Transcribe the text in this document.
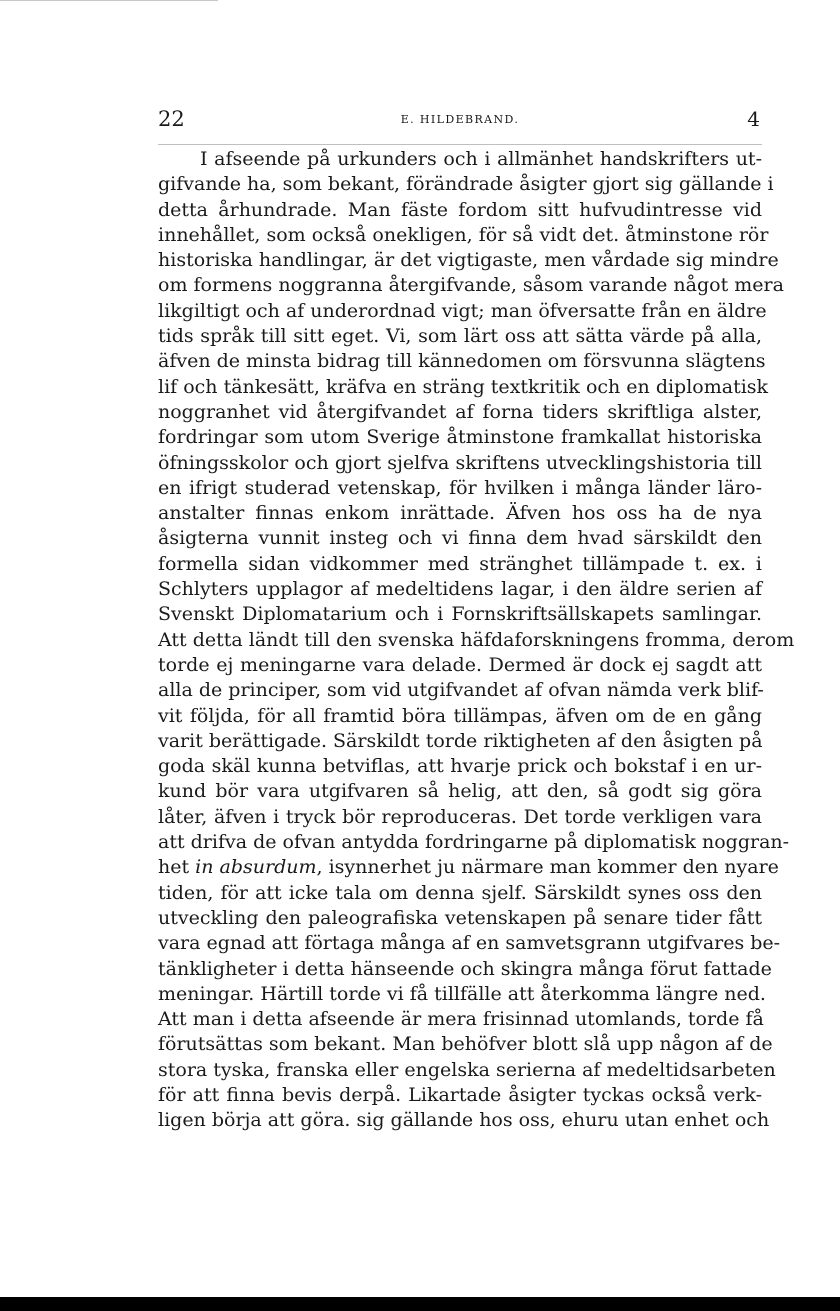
22	E. HILDEBRAND.	4
I afseende på urkunders och i allmänhet handskrifters ut-
gifvande ha, som bekant, förändrade åsigter gjort sig gällande i
detta århundrade. Man fäste fordom sitt hufvudintresse vid
innehållet, som också onekligen, för så vidt det. åtminstone rör
historiska handlingar, är det vigtigaste, men vårdade sig mindre
om formens noggranna återgifvande, såsom varande något mera
likgiltigt och af underordnad vigt; man öfversatte från en äldre
tids språk till sitt eget. Vi, som lärt oss att sätta värde på alla,
äfven de minsta bidrag till kännedomen om försvunna slägtens
lif och tänkesätt, kräfva en sträng textkritik och en diplomatisk
noggranhet vid återgifvandet af forna tiders skriftliga alster,
fordringar som utom Sverige åtminstone framkallat historiska
öfningsskolor och gjort sjelfva skriftens utvecklingshistoria till
en ifrigt studerad vetenskap, för hvilken i många länder läro-
anstalter finnas enkom inrättade. Äfven hos oss ha de nya
åsigterna vunnit insteg och vi finna dem hvad särskildt den
formella sidan vidkommer med stränghet tillämpade t. ex. i
Schlyters upplagor af medeltidens lagar, i den äldre serien af
Svenskt Diplomatarium och i Fornskriftsällskapets samlingar.
Att detta ländt till den svenska häfdaforskningens fromma, derom
torde ej meningarne vara delade. Dermed är dock ej sagdt att
alla de principer, som vid utgifvandet af ofvan nämda verk blif-
vit följda, för all framtid böra tillämpas, äfven om de en gång
varit berättigade. Särskildt torde riktigheten af den åsigten på
goda skäl kunna betviflas, att hvarje prick och bokstaf i en ur-
kund bör vara utgifvaren så helig, att den, så godt sig göra
låter, äfven i tryck bör reproduceras. Det torde verkligen vara
att drifva de ofvan antydda fordringarne på diplomatisk noggran-
het in absurdum, isynnerhet ju närmare man kommer den nyare
tiden, för att icke tala om denna sjelf. Särskildt synes oss den
utveckling den paleografiska vetenskapen på senare tider fått
vara egnad att förtaga många af en samvetsgrann utgifvares be-
tänkligheter i detta hänseende och skingra många förut fattade
meningar. Härtill torde vi få tillfälle att återkomma längre ned.
Att man i detta afseende är mera frisinnad utomlands, torde få
förutsättas som bekant. Man behöfver blott slå upp någon af de
stora tyska, franska eller engelska serierna af medeltidsarbeten
för att finna bevis derpå. Likartade åsigter tyckas också verk-
ligen börja att göra. sig gällande hos oss, ehuru utan enhet och
